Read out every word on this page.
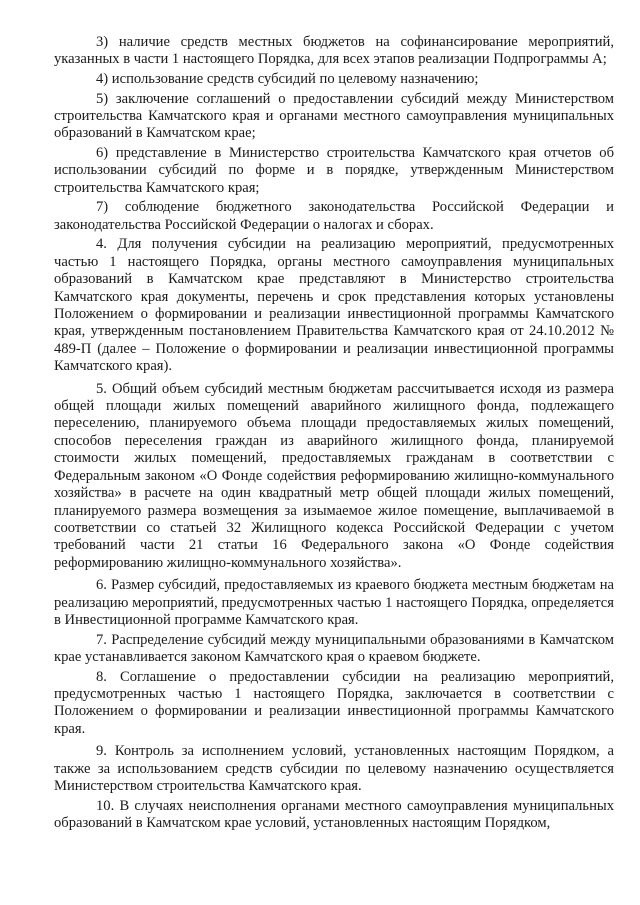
3) наличие средств местных бюджетов на софинансирование мероприятий, указанных в части 1 настоящего Порядка, для всех этапов реализации Подпрограммы А;

4) использование средств субсидий по целевому назначению;

5) заключение соглашений о предоставлении субсидий между Министерством строительства Камчатского края и органами местного самоуправления муниципальных образований в Камчатском крае;

6) представление в Министерство строительства Камчатского края отчетов об использовании субсидий по форме и в порядке, утвержденным Министерством строительства Камчатского края;

7) соблюдение бюджетного законодательства Российской Федерации и законодательства Российской Федерации о налогах и сборах.

4. Для получения субсидии на реализацию мероприятий, предусмотренных частью 1 настоящего Порядка, органы местного самоуправления муниципальных образований в Камчатском крае представляют в Министерство строительства Камчатского края документы, перечень и срок представления которых установлены Положением о формировании и реализации инвестиционной программы Камчатского края, утвержденным постановлением Правительства Камчатского края от 24.10.2012 № 489-П (далее – Положение о формировании и реализации инвестиционной программы Камчатского края).

5. Общий объем субсидий местным бюджетам рассчитывается исходя из размера общей площади жилых помещений аварийного жилищного фонда, подлежащего переселению, планируемого объема площади предоставляемых жилых помещений, способов переселения граждан из аварийного жилищного фонда, планируемой стоимости жилых помещений, предоставляемых гражданам в соответствии с Федеральным законом «О Фонде содействия реформированию жилищно-коммунального хозяйства» в расчете на один квадратный метр общей площади жилых помещений, планируемого размера возмещения за изымаемое жилое помещение, выплачиваемой в соответствии со статьей 32 Жилищного кодекса Российской Федерации с учетом требований части 21 статьи 16 Федерального закона «О Фонде содействия реформированию жилищно-коммунального хозяйства».

6. Размер субсидий, предоставляемых из краевого бюджета местным бюджетам на реализацию мероприятий, предусмотренных частью 1 настоящего Порядка, определяется в Инвестиционной программе Камчатского края.

7. Распределение субсидий между муниципальными образованиями в Камчатском крае устанавливается законом Камчатского края о краевом бюджете.

8. Соглашение о предоставлении субсидии на реализацию мероприятий, предусмотренных частью 1 настоящего Порядка, заключается в соответствии с Положением о формировании и реализации инвестиционной программы Камчатского края.

9. Контроль за исполнением условий, установленных настоящим Порядком, а также за использованием средств субсидии по целевому назначению осуществляется Министерством строительства Камчатского края.

10. В случаях неисполнения органами местного самоуправления муниципальных образований в Камчатском крае условий, установленных настоящим Порядком,
